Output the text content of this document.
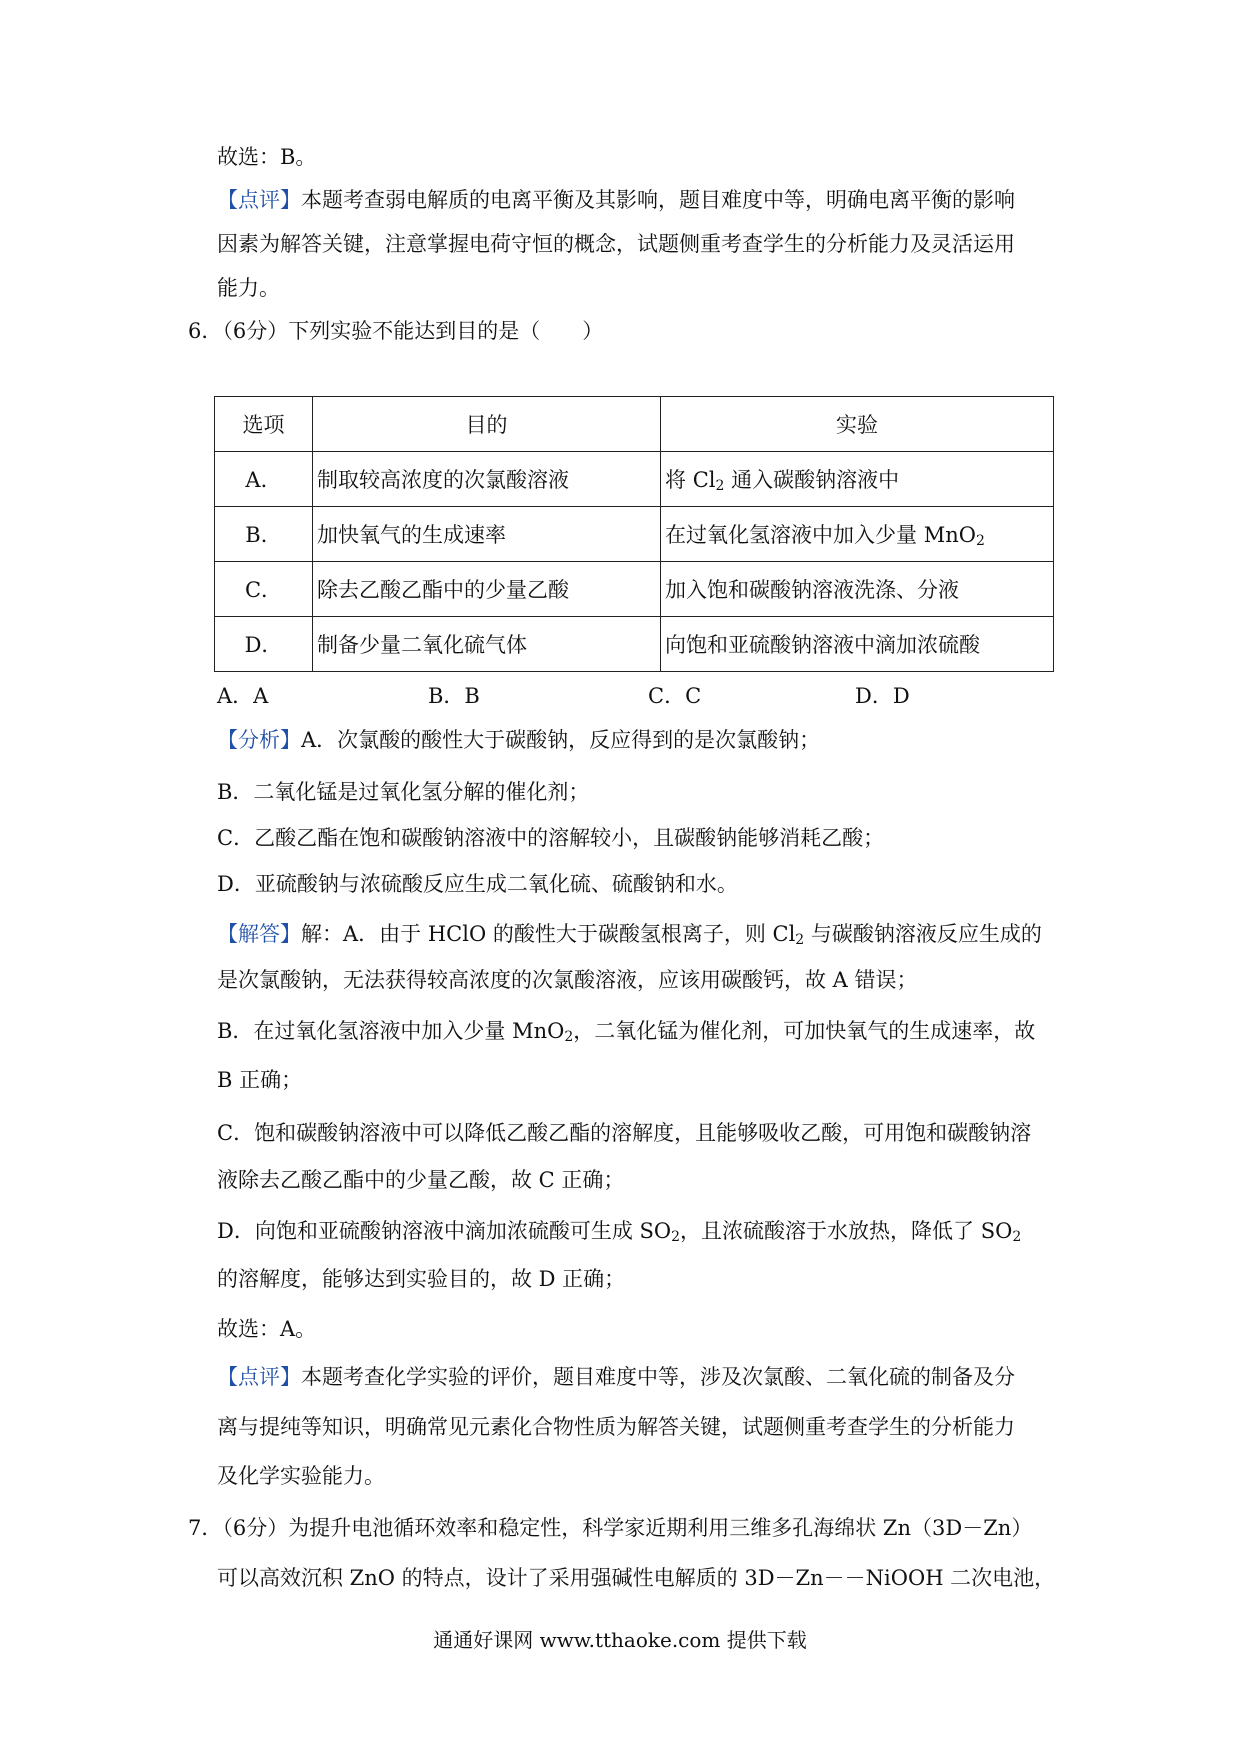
故选：B。
【点评】本题考查弱电解质的电离平衡及其影响，题目难度中等，明确电离平衡的影响
因素为解答关键，注意掌握电荷守恒的概念，试题侧重考查学生的分析能力及灵活运用
能力。
6．（6分）下列实验不能达到目的是（　　）
选项	目的	实验
A．	制取较高浓度的次氯酸溶液	将 $Cl_2$ 通入碳酸钠溶液中
B．	加快氧气的生成速率	在过氧化氢溶液中加入少量 MnO$_2$
C．	除去乙酸乙酯中的少量乙酸	加入饱和碳酸钠溶液洗涤、分液
D．	制备少量二氧化硫气体	向饱和亚硫酸钠溶液中滴加浓硫酸
A．A	B．B	C．C	D．D
【分析】A．次氯酸的酸性大于碳酸钠，反应得到的是次氯酸钠；
B．二氧化锰是过氧化氢分解的催化剂；
C．乙酸乙酯在饱和碳酸钠溶液中的溶解较小，且碳酸钠能够消耗乙酸；
D．亚硫酸钠与浓硫酸反应生成二氧化硫、硫酸钠和水。
【解答】解：A．由于 HClO 的酸性大于碳酸氢根离子，则 $Cl_2$ 与碳酸钠溶液反应生成的
是次氯酸钠，无法获得较高浓度的次氯酸溶液，应该用碳酸钙，故 A 错误；
B．在过氧化氢溶液中加入少量 MnO$_2$，二氧化锰为催化剂，可加快氧气的生成速率，故
B 正确；
C．饱和碳酸钠溶液中可以降低乙酸乙酯的溶解度，且能够吸收乙酸，可用饱和碳酸钠溶
液除去乙酸乙酯中的少量乙酸，故 C 正确；
D．向饱和亚硫酸钠溶液中滴加浓硫酸可生成 $SO_2$，且浓硫酸溶于水放热，降低了 $SO_2$
的溶解度，能够达到实验目的，故 D 正确；
故选：A。
【点评】本题考查化学实验的评价，题目难度中等，涉及次氯酸、二氧化硫的制备及分
离与提纯等知识，明确常见元素化合物性质为解答关键，试题侧重考查学生的分析能力
及化学实验能力。
7．（6分）为提升电池循环效率和稳定性，科学家近期利用三维多孔海绵状 Zn（3D－Zn）
可以高效沉积 ZnO 的特点，设计了采用强碱性电解质的 3D－Zn－－NiOOH 二次电池，
通通好课网 www.tthaoke.com 提供下载
